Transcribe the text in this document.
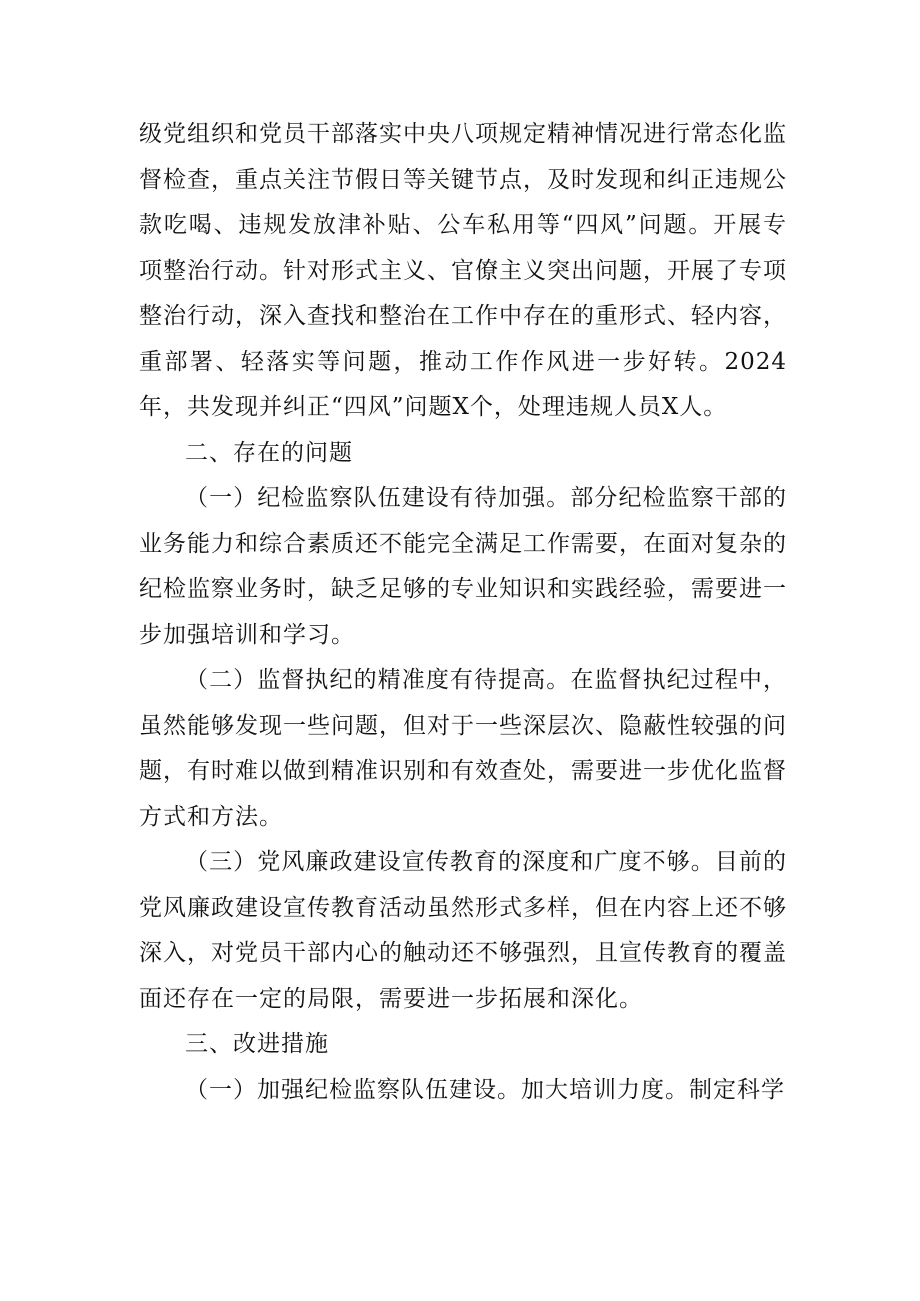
级党组织和党员干部落实中央八项规定精神情况进行常态化监督检查，重点关注节假日等关键节点，及时发现和纠正违规公款吃喝、违规发放津补贴、公车私用等“四风”问题。开展专项整治行动。针对形式主义、官僚主义突出问题，开展了专项整治行动，深入查找和整治在工作中存在的重形式、轻内容，重部署、轻落实等问题，推动工作作风进一步好转。2024年，共发现并纠正“四风”问题X个，处理违规人员X人。

二、存在的问题

（一）纪检监察队伍建设有待加强。部分纪检监察干部的业务能力和综合素质还不能完全满足工作需要，在面对复杂的纪检监察业务时，缺乏足够的专业知识和实践经验，需要进一步加强培训和学习。

（二）监督执纪的精准度有待提高。在监督执纪过程中，虽然能够发现一些问题，但对于一些深层次、隐蔽性较强的问题，有时难以做到精准识别和有效查处，需要进一步优化监督方式和方法。

（三）党风廉政建设宣传教育的深度和广度不够。目前的党风廉政建设宣传教育活动虽然形式多样，但在内容上还不够深入，对党员干部内心的触动还不够强烈，且宣传教育的覆盖面还存在一定的局限，需要进一步拓展和深化。

三、改进措施

（一）加强纪检监察队伍建设。加大培训力度。制定科学
